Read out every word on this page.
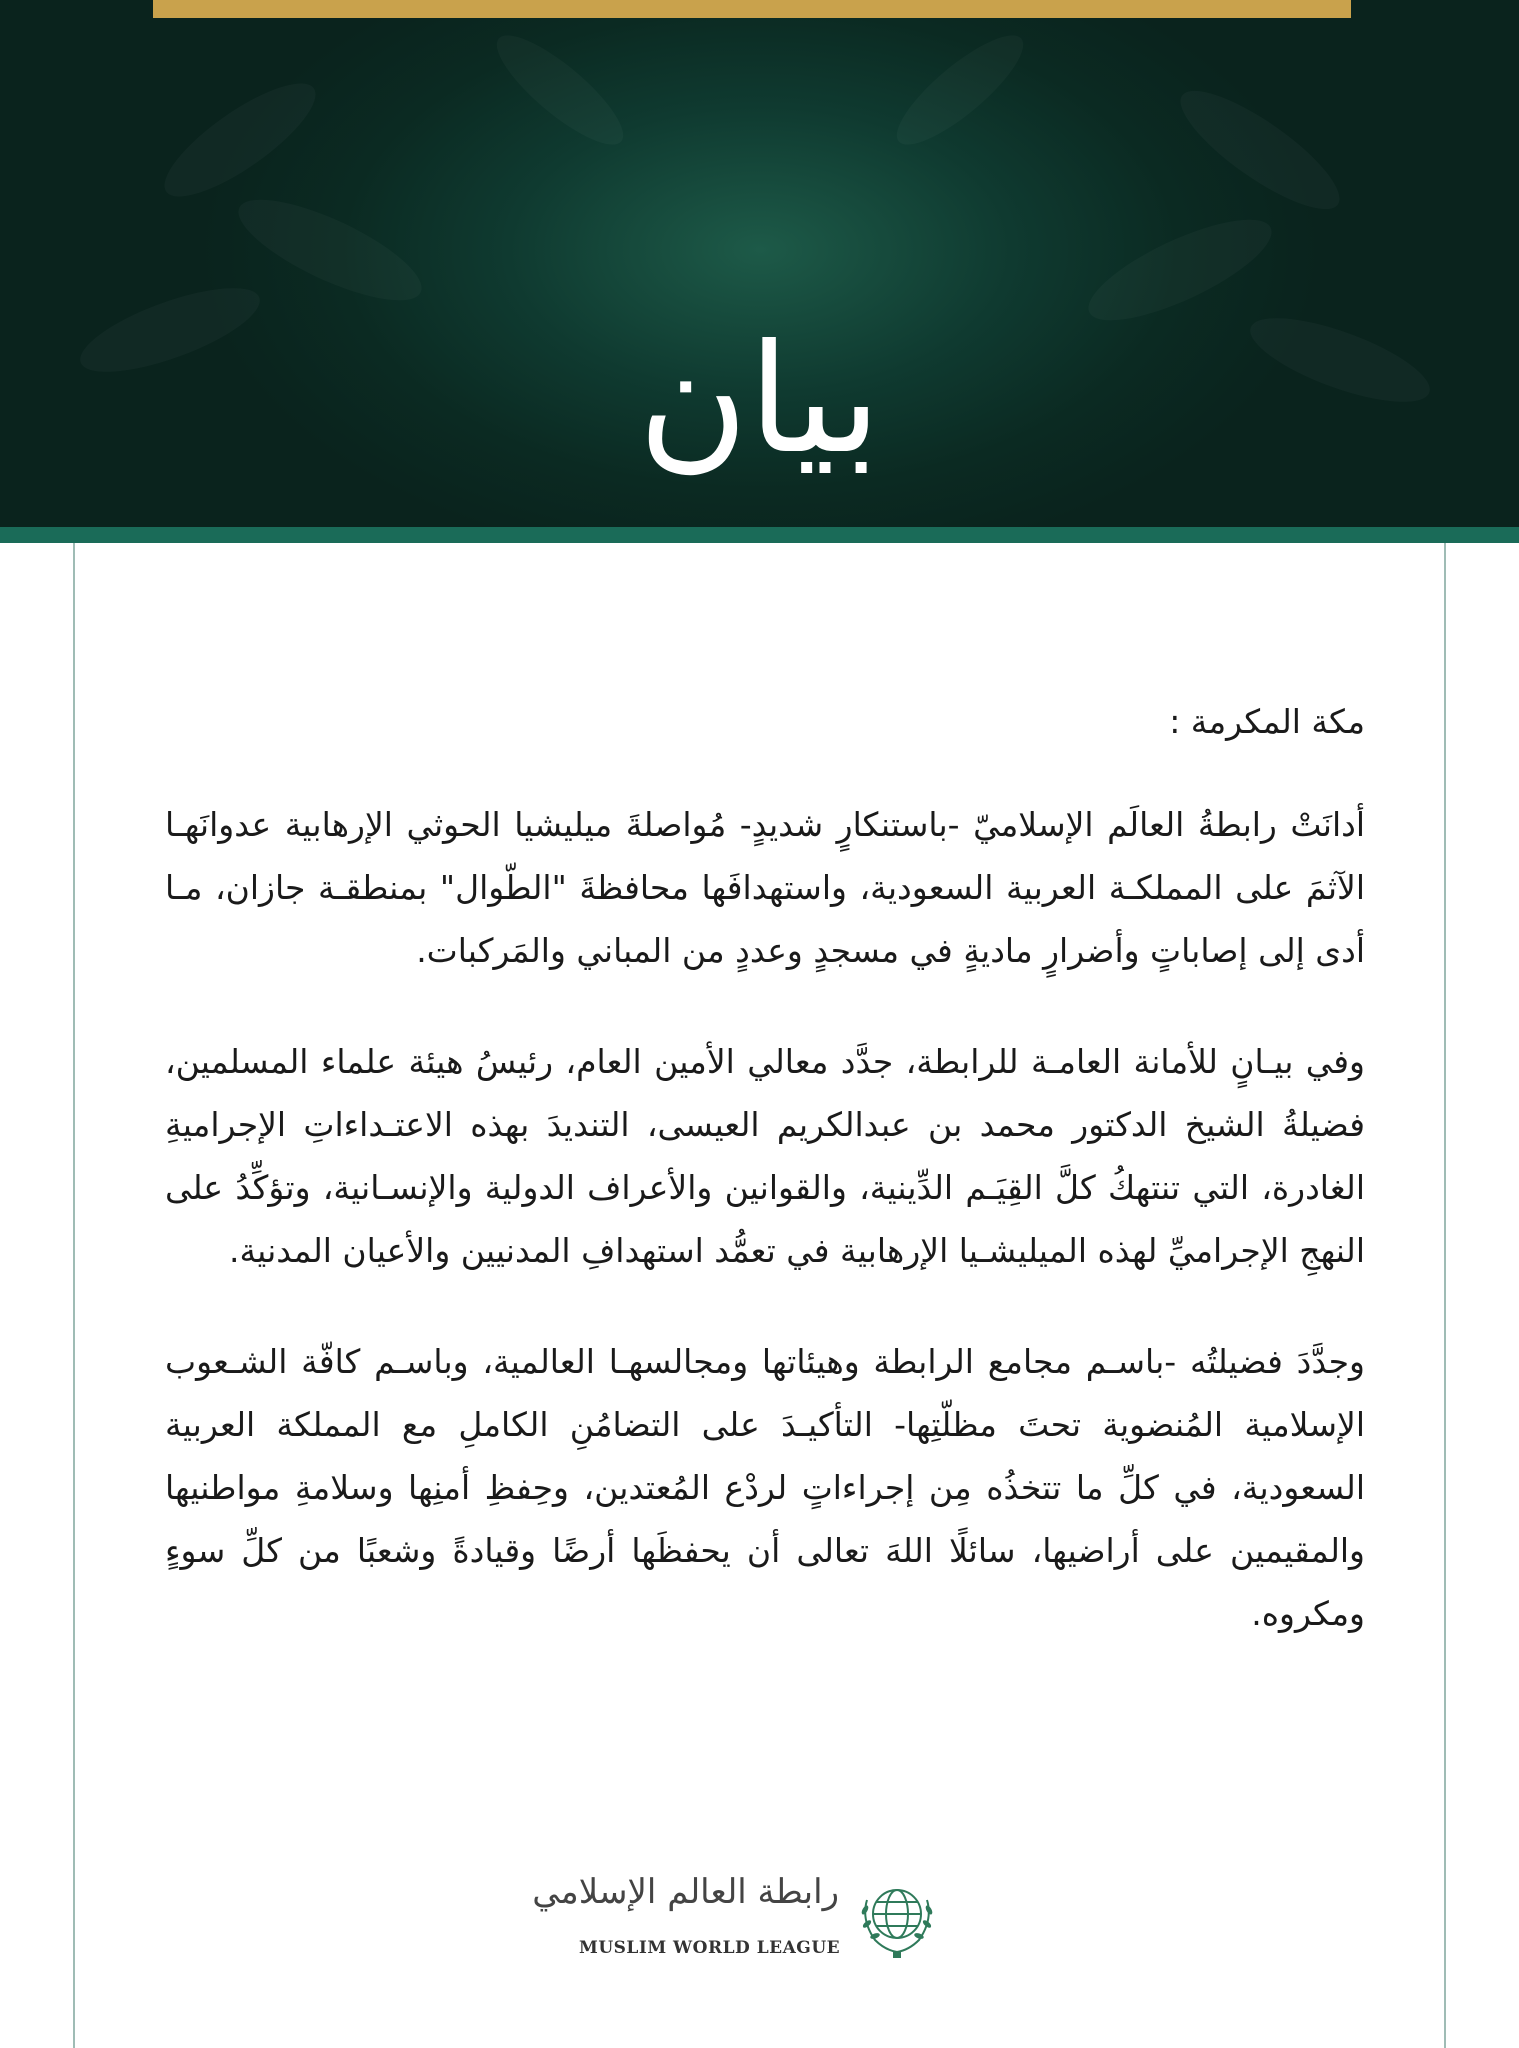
بيان

مكة المكرمة :

أدانَتْ رابطةُ العالَم الإسلاميّ -باستنكارٍ شديدٍ- مُواصلةَ ميليشيا الحوثي الإرهابية عدوانَهـا الآثمَ على المملكـة العربية السعودية، واستهدافَها محافظةَ "الطّوال" بمنطقـة جازان، مـا أدى إلى إصاباتٍ وأضرارٍ ماديةٍ في مسجدٍ وعددٍ من المباني والمَركبات.

وفي بيـانٍ للأمانة العامـة للرابطة، جدَّد معالي الأمين العام، رئيسُ هيئة علماء المسلمين، فضيلةُ الشيخ الدكتور محمد بن عبدالكريم العيسى، التنديدَ بهذه الاعتـداءاتِ الإجراميةِ الغادرة، التي تنتهكُ كلَّ القِيَـم الدِّينية، والقوانين والأعراف الدولية والإنسـانية، وتؤكِّدُ على النهجِ الإجراميِّ لهذه الميليشـيا الإرهابية في تعمُّد استهدافِ المدنيين والأعيان المدنية.

وجدَّدَ فضيلتُه -باسـم مجامع الرابطة وهيئاتها ومجالسهـا العالمية، وباسـم كافّة الشـعوب الإسلامية المُنضوية تحتَ مظلّتِها- التأكيـدَ على التضامُنِ الكاملِ مع المملكة العربية السعودية، في كلِّ ما تتخذُه مِن إجراءاتٍ لردْع المُعتدين، وحِفظِ أمنِها وسلامةِ مواطنيها والمقيمين على أراضيها، سائلًا اللهَ تعالى أن يحفظَها أرضًا وقيادةً وشعبًا من كلِّ سوءٍ ومكروه.

رابطة العالم الإسلامي
MUSLIM WORLD LEAGUE
